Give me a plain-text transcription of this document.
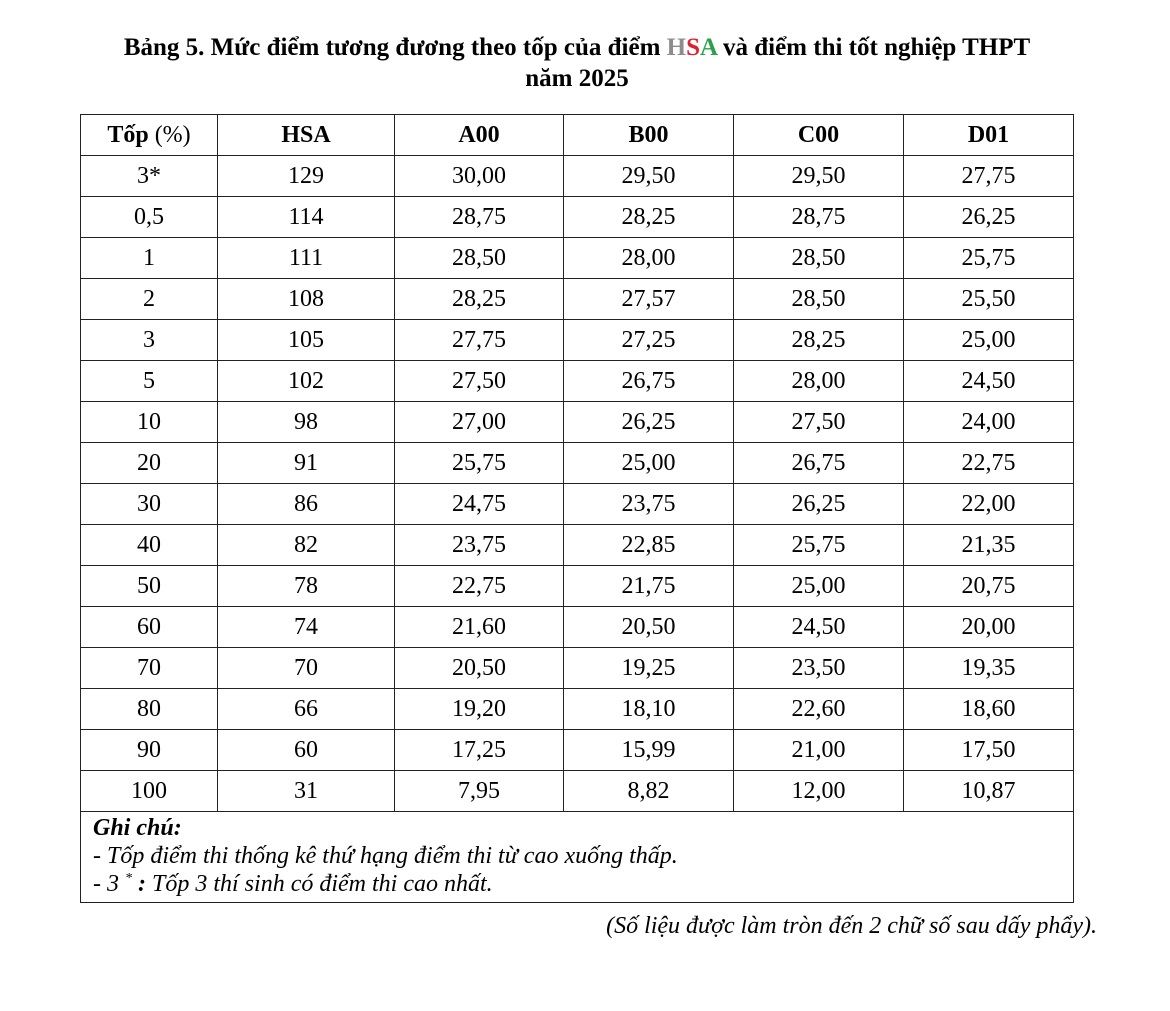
Bảng 5. Mức điểm tương đương theo tốp của điểm HSA và điểm thi tốt nghiệp THPT
năm 2025
Tốp (%)	HSA	A00	B00	C00	D01
3*	129	30,00	29,50	29,50	27,75
0,5	114	28,75	28,25	28,75	26,25
1	111	28,50	28,00	28,50	25,75
2	108	28,25	27,57	28,50	25,50
3	105	27,75	27,25	28,25	25,00
5	102	27,50	26,75	28,00	24,50
10	98	27,00	26,25	27,50	24,00
20	91	25,75	25,00	26,75	22,75
30	86	24,75	23,75	26,25	22,00
40	82	23,75	22,85	25,75	21,35
50	78	22,75	21,75	25,00	20,75
60	74	21,60	20,50	24,50	20,00
70	70	20,50	19,25	23,50	19,35
80	66	19,20	18,10	22,60	18,60
90	60	17,25	15,99	21,00	17,50
100	31	7,95	8,82	12,00	10,87

Ghi chú:
- Tốp điểm thi thống kê thứ hạng điểm thi từ cao xuống thấp.
- 3 * : Tốp 3 thí sinh có điểm thi cao nhất.					
(Số liệu được làm tròn đến 2 chữ số sau dấy phẩy).
